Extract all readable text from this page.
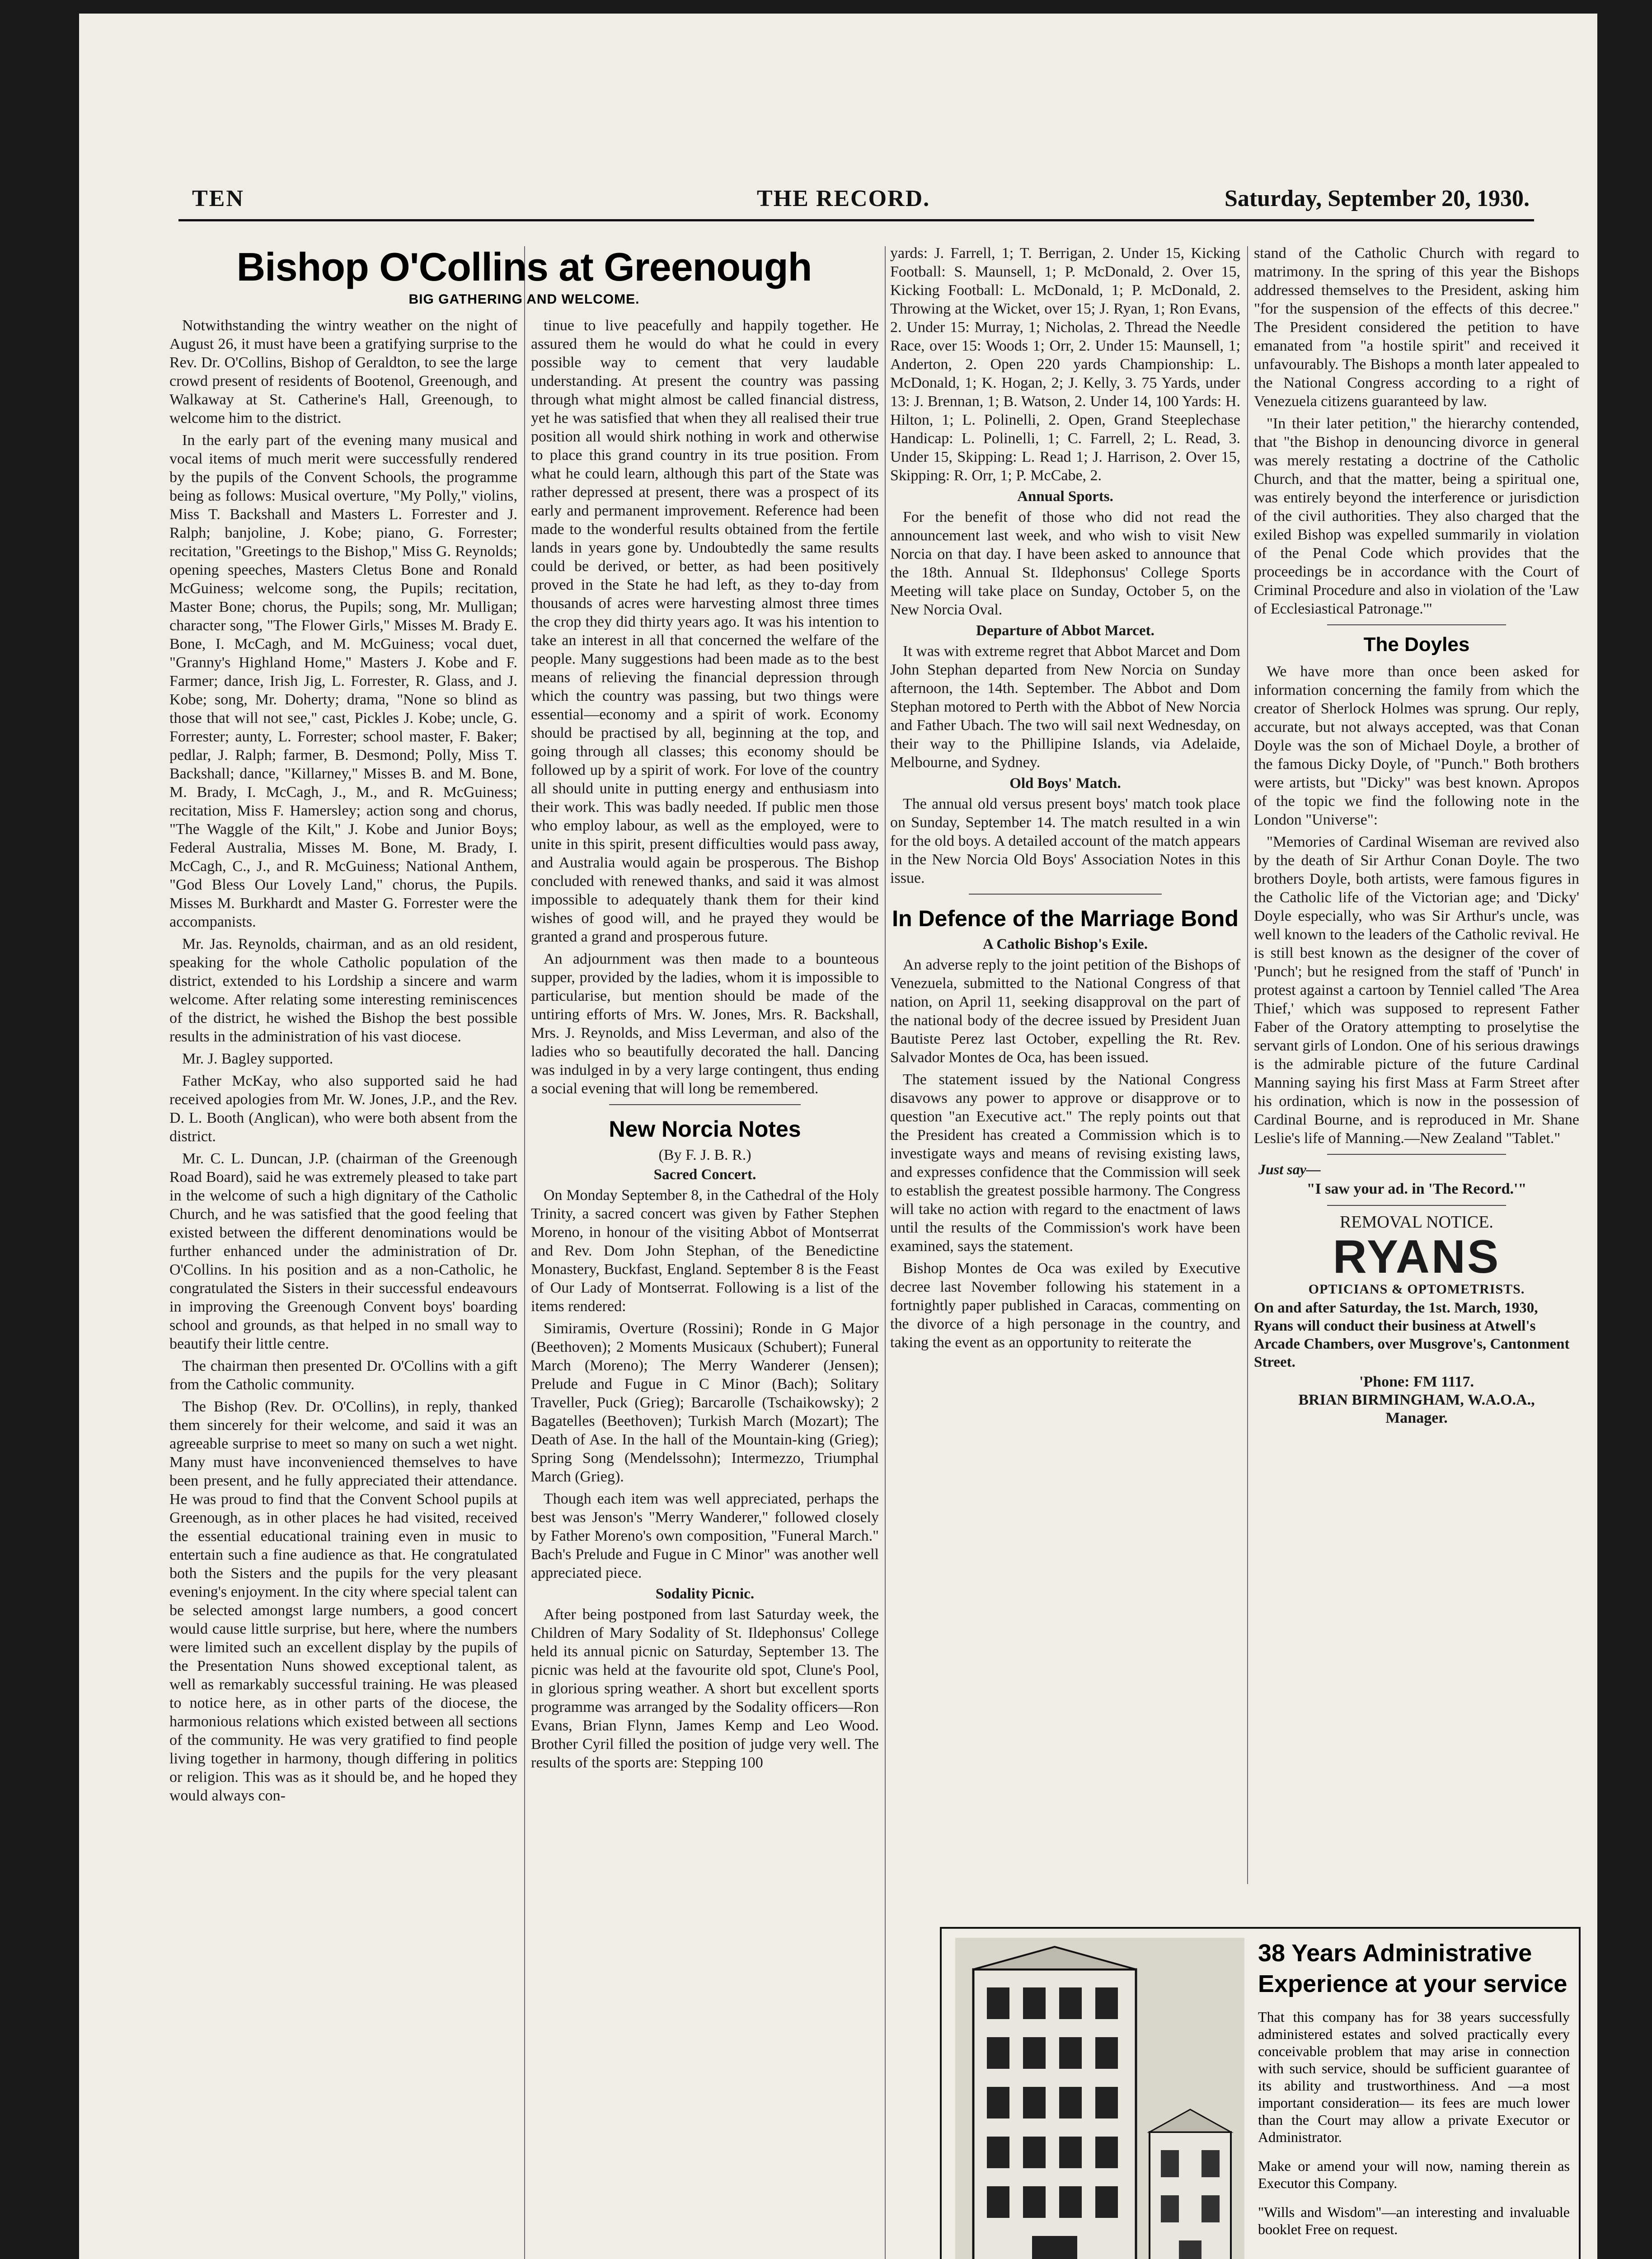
TEN	THE RECORD.	Saturday, September 20, 1930.
Bishop O'Collins at Greenough
BIG GATHERING AND WELCOME.

Notwithstanding the wintry weather on the night of August 26, it must have been a gratifying surprise to the Rev. Dr. O'Collins, Bishop of Geraldton, to see the large crowd present of residents of Bootenol, Greenough, and Walkaway at St. Catherine's Hall, Greenough, to welcome him to the district.

In the early part of the evening many musical and vocal items of much merit were successfully rendered by the pupils of the Convent Schools, the programme being as follows: Musical overture, "My Polly," violins, Miss T. Backshall and Masters L. Forrester and J. Ralph; banjoline, J. Kobe; piano, G. Forrester; recitation, "Greetings to the Bishop," Miss G. Reynolds; opening speeches, Masters Cletus Bone and Ronald McGuiness; welcome song, the Pupils; recitation, Master Bone; chorus, the Pupils; song, Mr. Mulligan; character song, "The Flower Girls," Misses M. Brady E. Bone, I. McCagh, and M. McGuiness; vocal duet, "Granny's Highland Home," Masters J. Kobe and F. Farmer; dance, Irish Jig, L. Forrester, R. Glass, and J. Kobe; song, Mr. Doherty; drama, "None so blind as those that will not see," cast, Pickles J. Kobe; uncle, G. Forrester; aunty, L. Forrester; school master, F. Baker; pedlar, J. Ralph; farmer, B. Desmond; Polly, Miss T. Backshall; dance, "Killarney," Misses B. and M. Bone, M. Brady, I. McCagh, J., M., and R. McGuiness; recitation, Miss F. Hamersley; action song and chorus, "The Waggle of the Kilt," J. Kobe and Junior Boys; Federal Australia, Misses M. Bone, M. Brady, I. McCagh, C., J., and R. McGuiness; National Anthem, "God Bless Our Lovely Land," chorus, the Pupils. Misses M. Burkhardt and Master G. Forrester were the accompanists.

Mr. Jas. Reynolds, chairman, and as an old resident, speaking for the whole Catholic population of the district, extended to his Lordship a sincere and warm welcome. After relating some interesting reminiscences of the district, he wished the Bishop the best possible results in the administration of his vast diocese.

Mr. J. Bagley supported.

Father McKay, who also supported said he had received apologies from Mr. W. Jones, J.P., and the Rev. D. L. Booth (Anglican), who were both absent from the district.

Mr. C. L. Duncan, J.P. (chairman of the Greenough Road Board), said he was extremely pleased to take part in the welcome of such a high dignitary of the Catholic Church, and he was satisfied that the good feeling that existed between the different denominations would be further enhanced under the administration of Dr. O'Collins. In his position and as a non-Catholic, he congratulated the Sisters in their successful endeavours in improving the Greenough Convent boys' boarding school and grounds, as that helped in no small way to beautify their little centre.

The chairman then presented Dr. O'Collins with a gift from the Catholic community.

The Bishop (Rev. Dr. O'Collins), in reply, thanked them sincerely for their welcome, and said it was an agreeable surprise to meet so many on such a wet night. Many must have inconvenienced themselves to have been present, and he fully appreciated their attendance. He was proud to find that the Convent School pupils at Greenough, as in other places he had visited, received the essential educational training even in music to entertain such a fine audience as that. He congratulated both the Sisters and the pupils for the very pleasant evening's enjoyment. In the city where special talent can be selected amongst large numbers, a good concert would cause little surprise, but here, where the numbers were limited such an excellent display by the pupils of the Presentation Nuns showed exceptional talent, as well as remarkably successful training. He was pleased to notice here, as in other parts of the diocese, the harmonious relations which existed between all sections of the community. He was very gratified to find people living together in harmony, though differing in politics or religion. This was as it should be, and he hoped they would always con-

tinue to live peacefully and happily together. He assured them he would do what he could in every possible way to cement that very laudable understanding. At present the country was passing through what might almost be called financial distress, yet he was satisfied that when they all realised their true position all would shirk nothing in work and otherwise to place this grand country in its true position. From what he could learn, although this part of the State was rather depressed at present, there was a prospect of its early and permanent improvement. Reference had been made to the wonderful results obtained from the fertile lands in years gone by. Undoubtedly the same results could be derived, or better, as had been positively proved in the State he had left, as they to-day from thousands of acres were harvesting almost three times the crop they did thirty years ago. It was his intention to take an interest in all that concerned the welfare of the people. Many suggestions had been made as to the best means of relieving the financial depression through which the country was passing, but two things were essential—economy and a spirit of work. Economy should be practised by all, beginning at the top, and going through all classes; this economy should be followed up by a spirit of work. For love of the country all should unite in putting energy and enthusiasm into their work. This was badly needed. If public men those who employ labour, as well as the employed, were to unite in this spirit, present difficulties would pass away, and Australia would again be prosperous. The Bishop concluded with renewed thanks, and said it was almost impossible to adequately thank them for their kind wishes of good will, and he prayed they would be granted a grand and prosperous future.

An adjournment was then made to a bounteous supper, provided by the ladies, whom it is impossible to particularise, but mention should be made of the untiring efforts of Mrs. W. Jones, Mrs. R. Backshall, Mrs. J. Reynolds, and Miss Leverman, and also of the ladies who so beautifully decorated the hall. Dancing was indulged in by a very large contingent, thus ending a social evening that will long be remembered.

New Norcia Notes
(By F. J. B. R.)
Sacred Concert.

On Monday September 8, in the Cathedral of the Holy Trinity, a sacred concert was given by Father Stephen Moreno, in honour of the visiting Abbot of Montserrat and Rev. Dom John Stephan, of the Benedictine Monastery, Buckfast, England. September 8 is the Feast of Our Lady of Montserrat. Following is a list of the items rendered:

Simiramis, Overture (Rossini); Ronde in G Major (Beethoven); 2 Moments Musicaux (Schubert); Funeral March (Moreno); The Merry Wanderer (Jensen); Prelude and Fugue in C Minor (Bach); Solitary Traveller, Puck (Grieg); Barcarolle (Tschaikowsky); 2 Bagatelles (Beethoven); Turkish March (Mozart); The Death of Ase. In the hall of the Mountain-king (Grieg); Spring Song (Mendelssohn); Intermezzo, Triumphal March (Grieg).

Though each item was well appreciated, perhaps the best was Jenson's "Merry Wanderer," followed closely by Father Moreno's own composition, "Funeral March." Bach's Prelude and Fugue in C Minor" was another well appreciated piece.

Sodality Picnic.

After being postponed from last Saturday week, the Children of Mary Sodality of St. Ildephonsus' College held its annual picnic on Saturday, September 13. The picnic was held at the favourite old spot, Clune's Pool, in glorious spring weather. A short but excellent sports programme was arranged by the Sodality officers—Ron Evans, Brian Flynn, James Kemp and Leo Wood. Brother Cyril filled the position of judge very well. The results of the sports are: Stepping 100

yards: J. Farrell, 1; T. Berrigan, 2. Under 15, Kicking Football: S. Maunsell, 1; P. McDonald, 2. Over 15, Kicking Football: L. McDonald, 1; P. McDonald, 2. Throwing at the Wicket, over 15; J. Ryan, 1; Ron Evans, 2. Under 15: Murray, 1; Nicholas, 2. Thread the Needle Race, over 15: Woods 1; Orr, 2. Under 15: Maunsell, 1; Anderton, 2. Open 220 yards Championship: L. McDonald, 1; K. Hogan, 2; J. Kelly, 3. 75 Yards, under 13: J. Brennan, 1; B. Watson, 2. Under 14, 100 Yards: H. Hilton, 1; L. Polinelli, 2. Open, Grand Steeplechase Handicap: L. Polinelli, 1; C. Farrell, 2; L. Read, 3. Under 15, Skipping: L. Read 1; J. Harrison, 2. Over 15, Skipping: R. Orr, 1; P. McCabe, 2.

Annual Sports.

For the benefit of those who did not read the announcement last week, and who wish to visit New Norcia on that day. I have been asked to announce that the 18th. Annual St. Ildephonsus' College Sports Meeting will take place on Sunday, October 5, on the New Norcia Oval.

Departure of Abbot Marcet.

It was with extreme regret that Abbot Marcet and Dom John Stephan departed from New Norcia on Sunday afternoon, the 14th. September. The Abbot and Dom Stephan motored to Perth with the Abbot of New Norcia and Father Ubach. The two will sail next Wednesday, on their way to the Phillipine Islands, via Adelaide, Melbourne, and Sydney.

Old Boys' Match.

The annual old versus present boys' match took place on Sunday, September 14. The match resulted in a win for the old boys. A detailed account of the match appears in the New Norcia Old Boys' Association Notes in this issue.

In Defence of the Marriage Bond
A Catholic Bishop's Exile.

An adverse reply to the joint petition of the Bishops of Venezuela, submitted to the National Congress of that nation, on April 11, seeking disapproval on the part of the national body of the decree issued by President Juan Bautiste Perez last October, expelling the Rt. Rev. Salvador Montes de Oca, has been issued.

The statement issued by the National Congress disavows any power to approve or disapprove or to question "an Executive act." The reply points out that the President has created a Commission which is to investigate ways and means of revising existing laws, and expresses confidence that the Commission will seek to establish the greatest possible harmony. The Congress will take no action with regard to the enactment of laws until the results of the Commission's work have been examined, says the statement.

Bishop Montes de Oca was exiled by Executive decree last November following his statement in a fortnightly paper published in Caracas, commenting on the divorce of a high personage in the country, and taking the event as an opportunity to reiterate the

stand of the Catholic Church with regard to matrimony. In the spring of this year the Bishops addressed themselves to the President, asking him "for the suspension of the effects of this decree." The President considered the petition to have emanated from "a hostile spirit" and received it unfavourably. The Bishops a month later appealed to the National Congress according to a right of Venezuela citizens guaranteed by law.

"In their later petition," the hierarchy contended, that "the Bishop in denouncing divorce in general was merely restating a doctrine of the Catholic Church, and that the matter, being a spiritual one, was entirely beyond the interference or jurisdiction of the civil authorities. They also charged that the exiled Bishop was expelled summarily in violation of the Penal Code which provides that the proceedings be in accordance with the Court of Criminal Procedure and also in violation of the 'Law of Ecclesiastical Patronage.'"

The Doyles

We have more than once been asked for information concerning the family from which the creator of Sherlock Holmes was sprung. Our reply, accurate, but not always accepted, was that Conan Doyle was the son of Michael Doyle, a brother of the famous Dicky Doyle, of "Punch." Both brothers were artists, but "Dicky" was best known. Apropos of the topic we find the following note in the London "Universe":

"Memories of Cardinal Wiseman are revived also by the death of Sir Arthur Conan Doyle. The two brothers Doyle, both artists, were famous figures in the Catholic life of the Victorian age; and 'Dicky' Doyle especially, who was Sir Arthur's uncle, was well known to the leaders of the Catholic revival. He is still best known as the designer of the cover of 'Punch'; but he resigned from the staff of 'Punch' in protest against a cartoon by Tenniel called 'The Area Thief,' which was supposed to represent Father Faber of the Oratory attempting to proselytise the servant girls of London. One of his serious drawings is the admirable picture of the future Cardinal Manning saying his first Mass at Farm Street after his ordination, which is now in the possession of Cardinal Bourne, and is reproduced in Mr. Shane Leslie's life of Manning.—New Zealand "Tablet."

Just say—
"I saw your ad. in 'The Record.'"
REMOVAL NOTICE.
RYANS
OPTICIANS & OPTOMETRISTS.
On and after Saturday, the 1st. March, 1930, Ryans will conduct their business at Atwell's Arcade Chambers, over Musgrove's, Cantonment Street.
'Phone: FM 1117.
BRIAN BIRMINGHAM, W.A.O.A.,
Manager.
38 Years Administrative Experience at your service
That this company has for 38 years successfully administered estates and solved practically every conceivable problem that may arise in connection with such service, should be sufficient guarantee of its ability and trustworthiness. And —a most important consideration— its fees are much lower than the Court may allow a private Executor or Administrator.
Make or amend your will now, naming therein as Executor this Company.
"Wills and Wisdom"—an interesting and invaluable booklet Free on request.
